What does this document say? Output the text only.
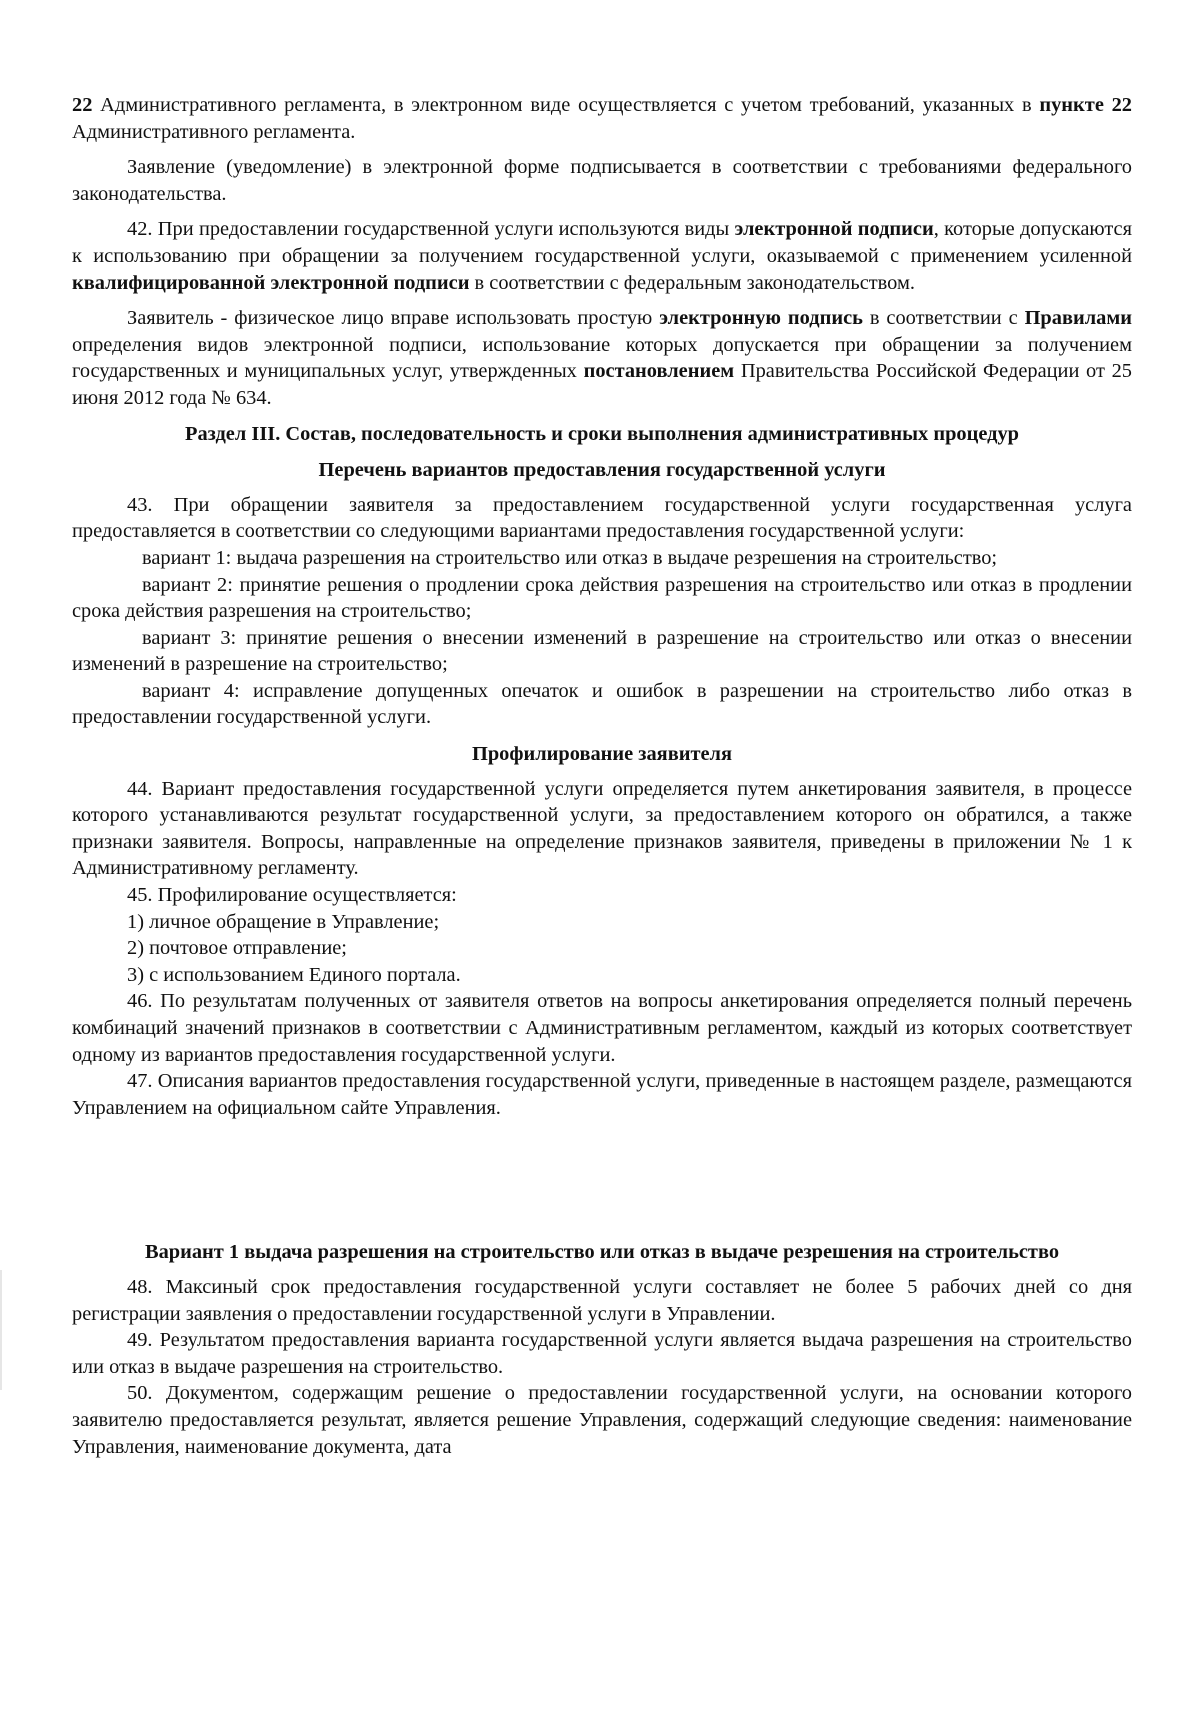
22 Административного регламента, в электронном виде осуществляется с учетом требований, указанных в пункте 22 Административного регламента.

Заявление (уведомление) в электронной форме подписывается в соответствии с требованиями федерального законодательства.

42. При предоставлении государственной услуги используются виды электронной подписи, которые допускаются к использованию при обращении за получением государственной услуги, оказываемой с применением усиленной квалифицированной электронной подписи в соответствии с федеральным законодательством.

Заявитель - физическое лицо вправе использовать простую электронную подпись в соответствии с Правилами определения видов электронной подписи, использование которых допускается при обращении за получением государственных и муниципальных услуг, утвержденных постановлением Правительства Российской Федерации от 25 июня 2012 года № 634.

Раздел III. Состав, последовательность и сроки выполнения административных процедур
Перечень вариантов предоставления государственной услуги

43. При обращении заявителя за предоставлением государственной услуги государственная услуга предоставляется в соответствии со следующими вариантами предоставления государственной услуги:

вариант 1: выдача разрешения на строительство или отказ в выдаче резрешения на строительство;

вариант 2: принятие решения о продлении срока действия разрешения на строительство или отказ в продлении срока действия разрешения на строительство;

вариант 3: принятие решения о внесении изменений в разрешение на строительство или отказ о внесении изменений в разрешение на строительство;

вариант 4: исправление допущенных опечаток и ошибок в разрешении на строительство либо отказ в предоставлении государственной услуги.

Профилирование заявителя

44. Вариант предоставления государственной услуги определяется путем анкетирования заявителя, в процессе которого устанавливаются результат государственной услуги, за предоставлением которого он обратился, а также признаки заявителя. Вопросы, направленные на определение признаков заявителя, приведены в приложении № 1 к Административному регламенту.

45. Профилирование осуществляется:

1) личное обращение в Управление;

2) почтовое отправление;

3) с использованием Единого портала.

46. По результатам полученных от заявителя ответов на вопросы анкетирования определяется полный перечень комбинаций значений признаков в соответствии с Административным регламентом, каждый из которых соответствует одному из вариантов предоставления государственной услуги.

47. Описания вариантов предоставления государственной услуги, приведенные в настоящем разделе, размещаются Управлением на официальном сайте Управления.

Вариант 1 выдача разрешения на строительство или отказ в выдаче резрешения на строительство

48. Максиный срок предоставления государственной услуги составляет не более 5 рабочих дней со дня регистрации заявления о предоставлении государственной услуги в Управлении.

49. Результатом предоставления варианта государственной услуги является выдача разрешения на строительство или отказ в выдаче разрешения на строительство.

50. Документом, содержащим решение о предоставлении государственной услуги, на основании которого заявителю предоставляется результат, является решение Управления, содержащий следующие сведения: наименование Управления, наименование документа, дата
